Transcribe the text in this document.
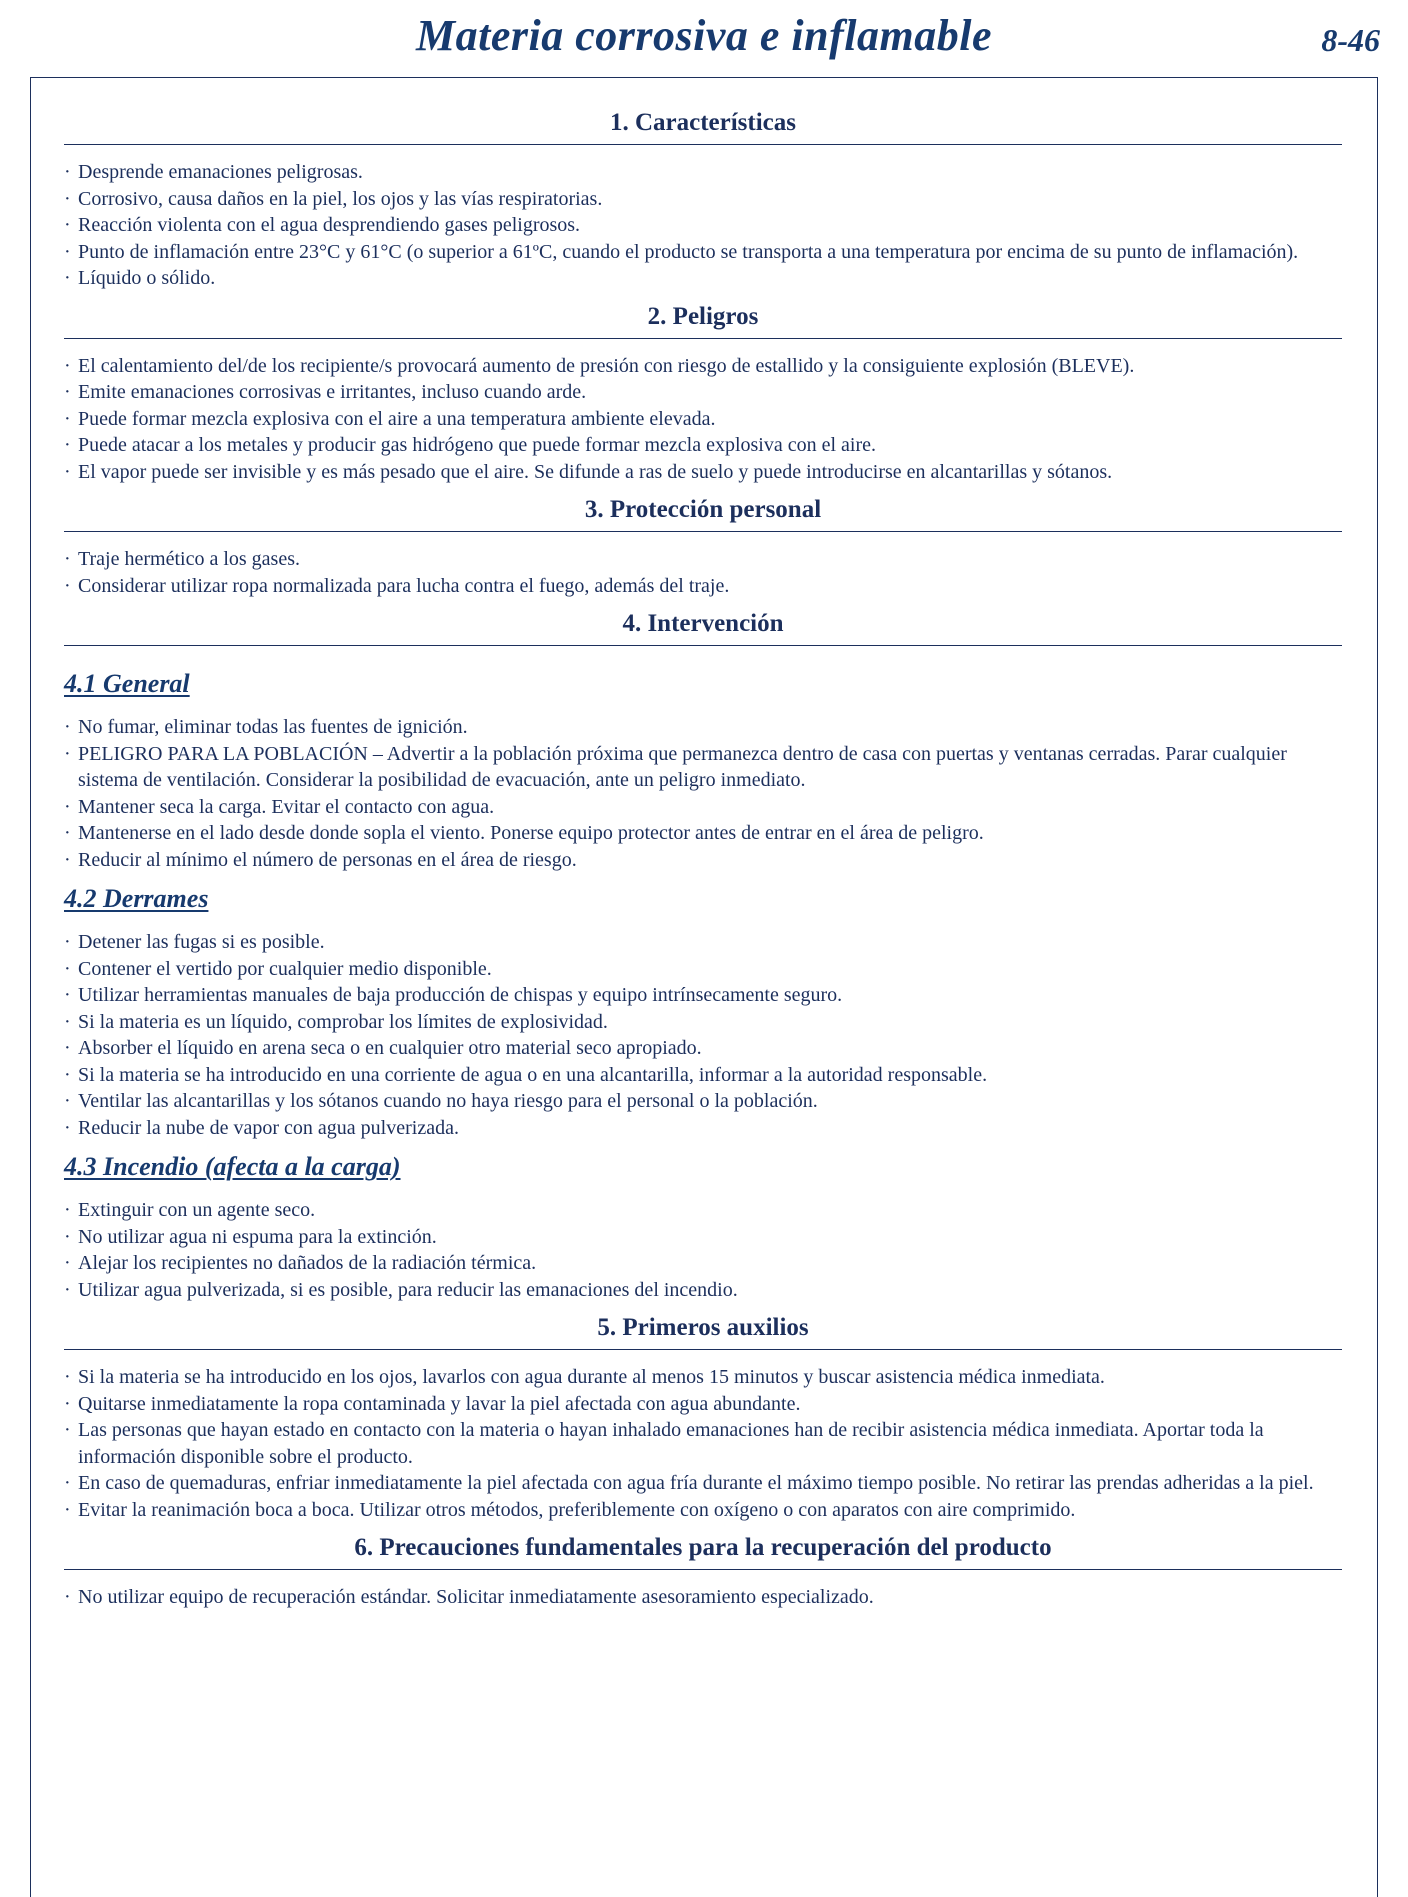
Materia corrosiva e inflamable	8-46
1. Características
· Desprende emanaciones peligrosas.
· Corrosivo, causa daños en la piel, los ojos y las vías respiratorias.
· Reacción violenta con el agua desprendiendo gases peligrosos.
· Punto de inflamación entre 23°C y 61°C (o superior a 61ºC, cuando el producto se transporta a una temperatura por encima de su punto de inflamación).
· Líquido o sólido.
2. Peligros
· El calentamiento del/de los recipiente/s provocará aumento de presión con riesgo de estallido y la consiguiente explosión (BLEVE).
· Emite emanaciones corrosivas e irritantes, incluso cuando arde.
· Puede formar mezcla explosiva con el aire a una temperatura ambiente elevada.
· Puede atacar a los metales y producir gas hidrógeno que puede formar mezcla explosiva con el aire.
· El vapor puede ser invisible y es más pesado que el aire. Se difunde a ras de suelo y puede introducirse en alcantarillas y sótanos.
3. Protección personal
· Traje hermético a los gases.
· Considerar utilizar ropa normalizada para lucha contra el fuego, además del traje.
4. Intervención
4.1 General
· No fumar, eliminar todas las fuentes de ignición.
· PELIGRO PARA LA POBLACIÓN – Advertir a la población próxima que permanezca dentro de casa con puertas y ventanas cerradas. Parar cualquier sistema de ventilación. Considerar la posibilidad de evacuación, ante un peligro inmediato.
· Mantener seca la carga. Evitar el contacto con agua.
· Mantenerse en el lado desde donde sopla el viento. Ponerse equipo protector antes de entrar en el área de peligro.
· Reducir al mínimo el número de personas en el área de riesgo.
4.2 Derrames
· Detener las fugas si es posible.
· Contener el vertido por cualquier medio disponible.
· Utilizar herramientas manuales de baja producción de chispas y equipo intrínsecamente seguro.
· Si la materia es un líquido, comprobar los límites de explosividad.
· Absorber el líquido en arena seca o en cualquier otro material seco apropiado.
· Si la materia se ha introducido en una corriente de agua o en una alcantarilla, informar a la autoridad responsable.
· Ventilar las alcantarillas y los sótanos cuando no haya riesgo para el personal o la población.
· Reducir la nube de vapor con agua pulverizada.
4.3 Incendio (afecta a la carga)
· Extinguir con un agente seco.
· No utilizar agua ni espuma para la extinción.
· Alejar los recipientes no dañados de la radiación térmica.
· Utilizar agua pulverizada, si es posible, para reducir las emanaciones del incendio.
5. Primeros auxilios
· Si la materia se ha introducido en los ojos, lavarlos con agua durante al menos 15 minutos y buscar asistencia médica inmediata.
· Quitarse inmediatamente la ropa contaminada y lavar la piel afectada con agua abundante.
· Las personas que hayan estado en contacto con la materia o hayan inhalado emanaciones han de recibir asistencia médica inmediata. Aportar toda la información disponible sobre el producto.
· En caso de quemaduras, enfriar inmediatamente la piel afectada con agua fría durante el máximo tiempo posible. No retirar las prendas adheridas a la piel.
· Evitar la reanimación boca a boca. Utilizar otros métodos, preferiblemente con oxígeno o con aparatos con aire comprimido.
6. Precauciones fundamentales para la recuperación del producto
· No utilizar equipo de recuperación estándar. Solicitar inmediatamente asesoramiento especializado.
